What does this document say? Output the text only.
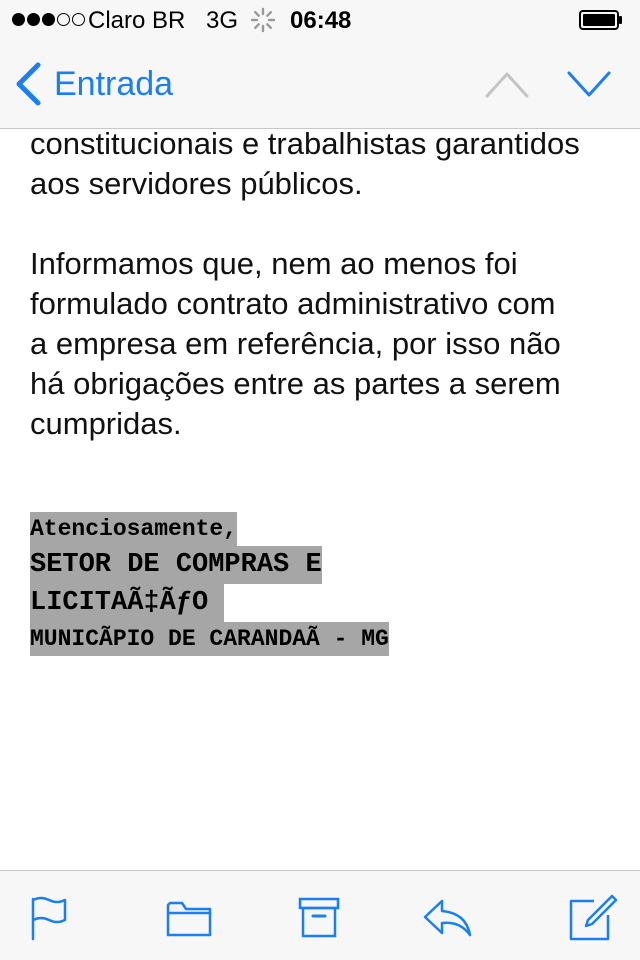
Claro BR 3G 06:48
Entrada

constitucionais e trabalhistas garantidos

aos servidores públicos.

Informamos que, nem ao menos foi

formulado contrato administrativo com

a empresa em referência, por isso não

há obrigações entre as partes a serem

cumpridas.

Atenciosamente,
SETOR DE COMPRAS E
LICITAÃ‡ÃƒO
MUNICÃPIO DE CARANDAÃ - MG
